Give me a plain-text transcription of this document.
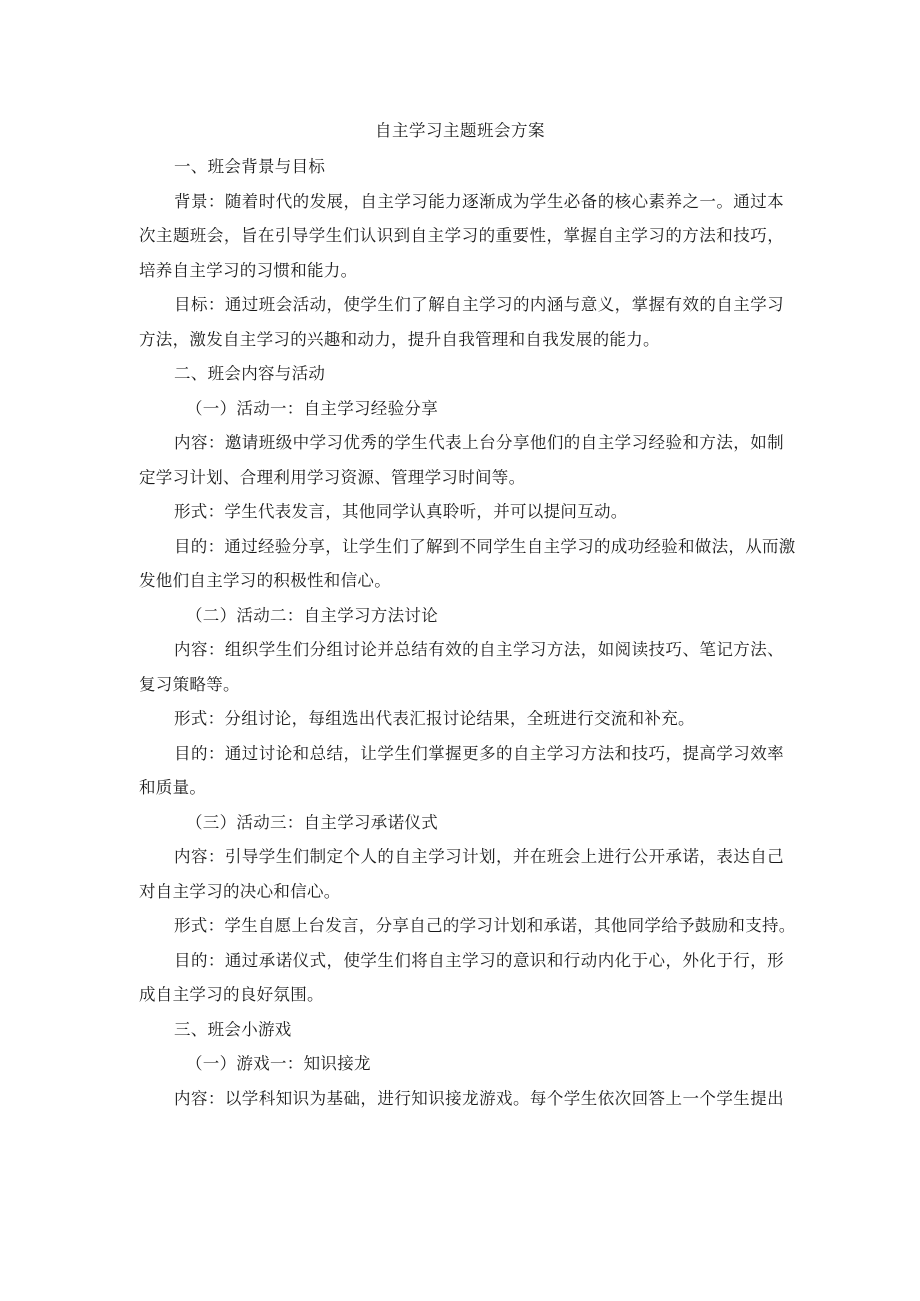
自主学习主题班会方案
一、班会背景与目标
背景：随着时代的发展，自主学习能力逐渐成为学生必备的核心素养之一。通过本
次主题班会，旨在引导学生们认识到自主学习的重要性，掌握自主学习的方法和技巧，
培养自主学习的习惯和能力。
目标：通过班会活动，使学生们了解自主学习的内涵与意义，掌握有效的自主学习
方法，激发自主学习的兴趣和动力，提升自我管理和自我发展的能力。
二、班会内容与活动
（一）活动一：自主学习经验分享
内容：邀请班级中学习优秀的学生代表上台分享他们的自主学习经验和方法，如制
定学习计划、合理利用学习资源、管理学习时间等。
形式：学生代表发言，其他同学认真聆听，并可以提问互动。
目的：通过经验分享，让学生们了解到不同学生自主学习的成功经验和做法，从而激
发他们自主学习的积极性和信心。
（二）活动二：自主学习方法讨论
内容：组织学生们分组讨论并总结有效的自主学习方法，如阅读技巧、笔记方法、
复习策略等。
形式：分组讨论，每组选出代表汇报讨论结果，全班进行交流和补充。
目的：通过讨论和总结，让学生们掌握更多的自主学习方法和技巧，提高学习效率
和质量。
（三）活动三：自主学习承诺仪式
内容：引导学生们制定个人的自主学习计划，并在班会上进行公开承诺，表达自己
对自主学习的决心和信心。
形式：学生自愿上台发言，分享自己的学习计划和承诺，其他同学给予鼓励和支持。
目的：通过承诺仪式，使学生们将自主学习的意识和行动内化于心，外化于行，形
成自主学习的良好氛围。
三、班会小游戏
（一）游戏一：知识接龙
内容：以学科知识为基础，进行知识接龙游戏。每个学生依次回答上一个学生提出
